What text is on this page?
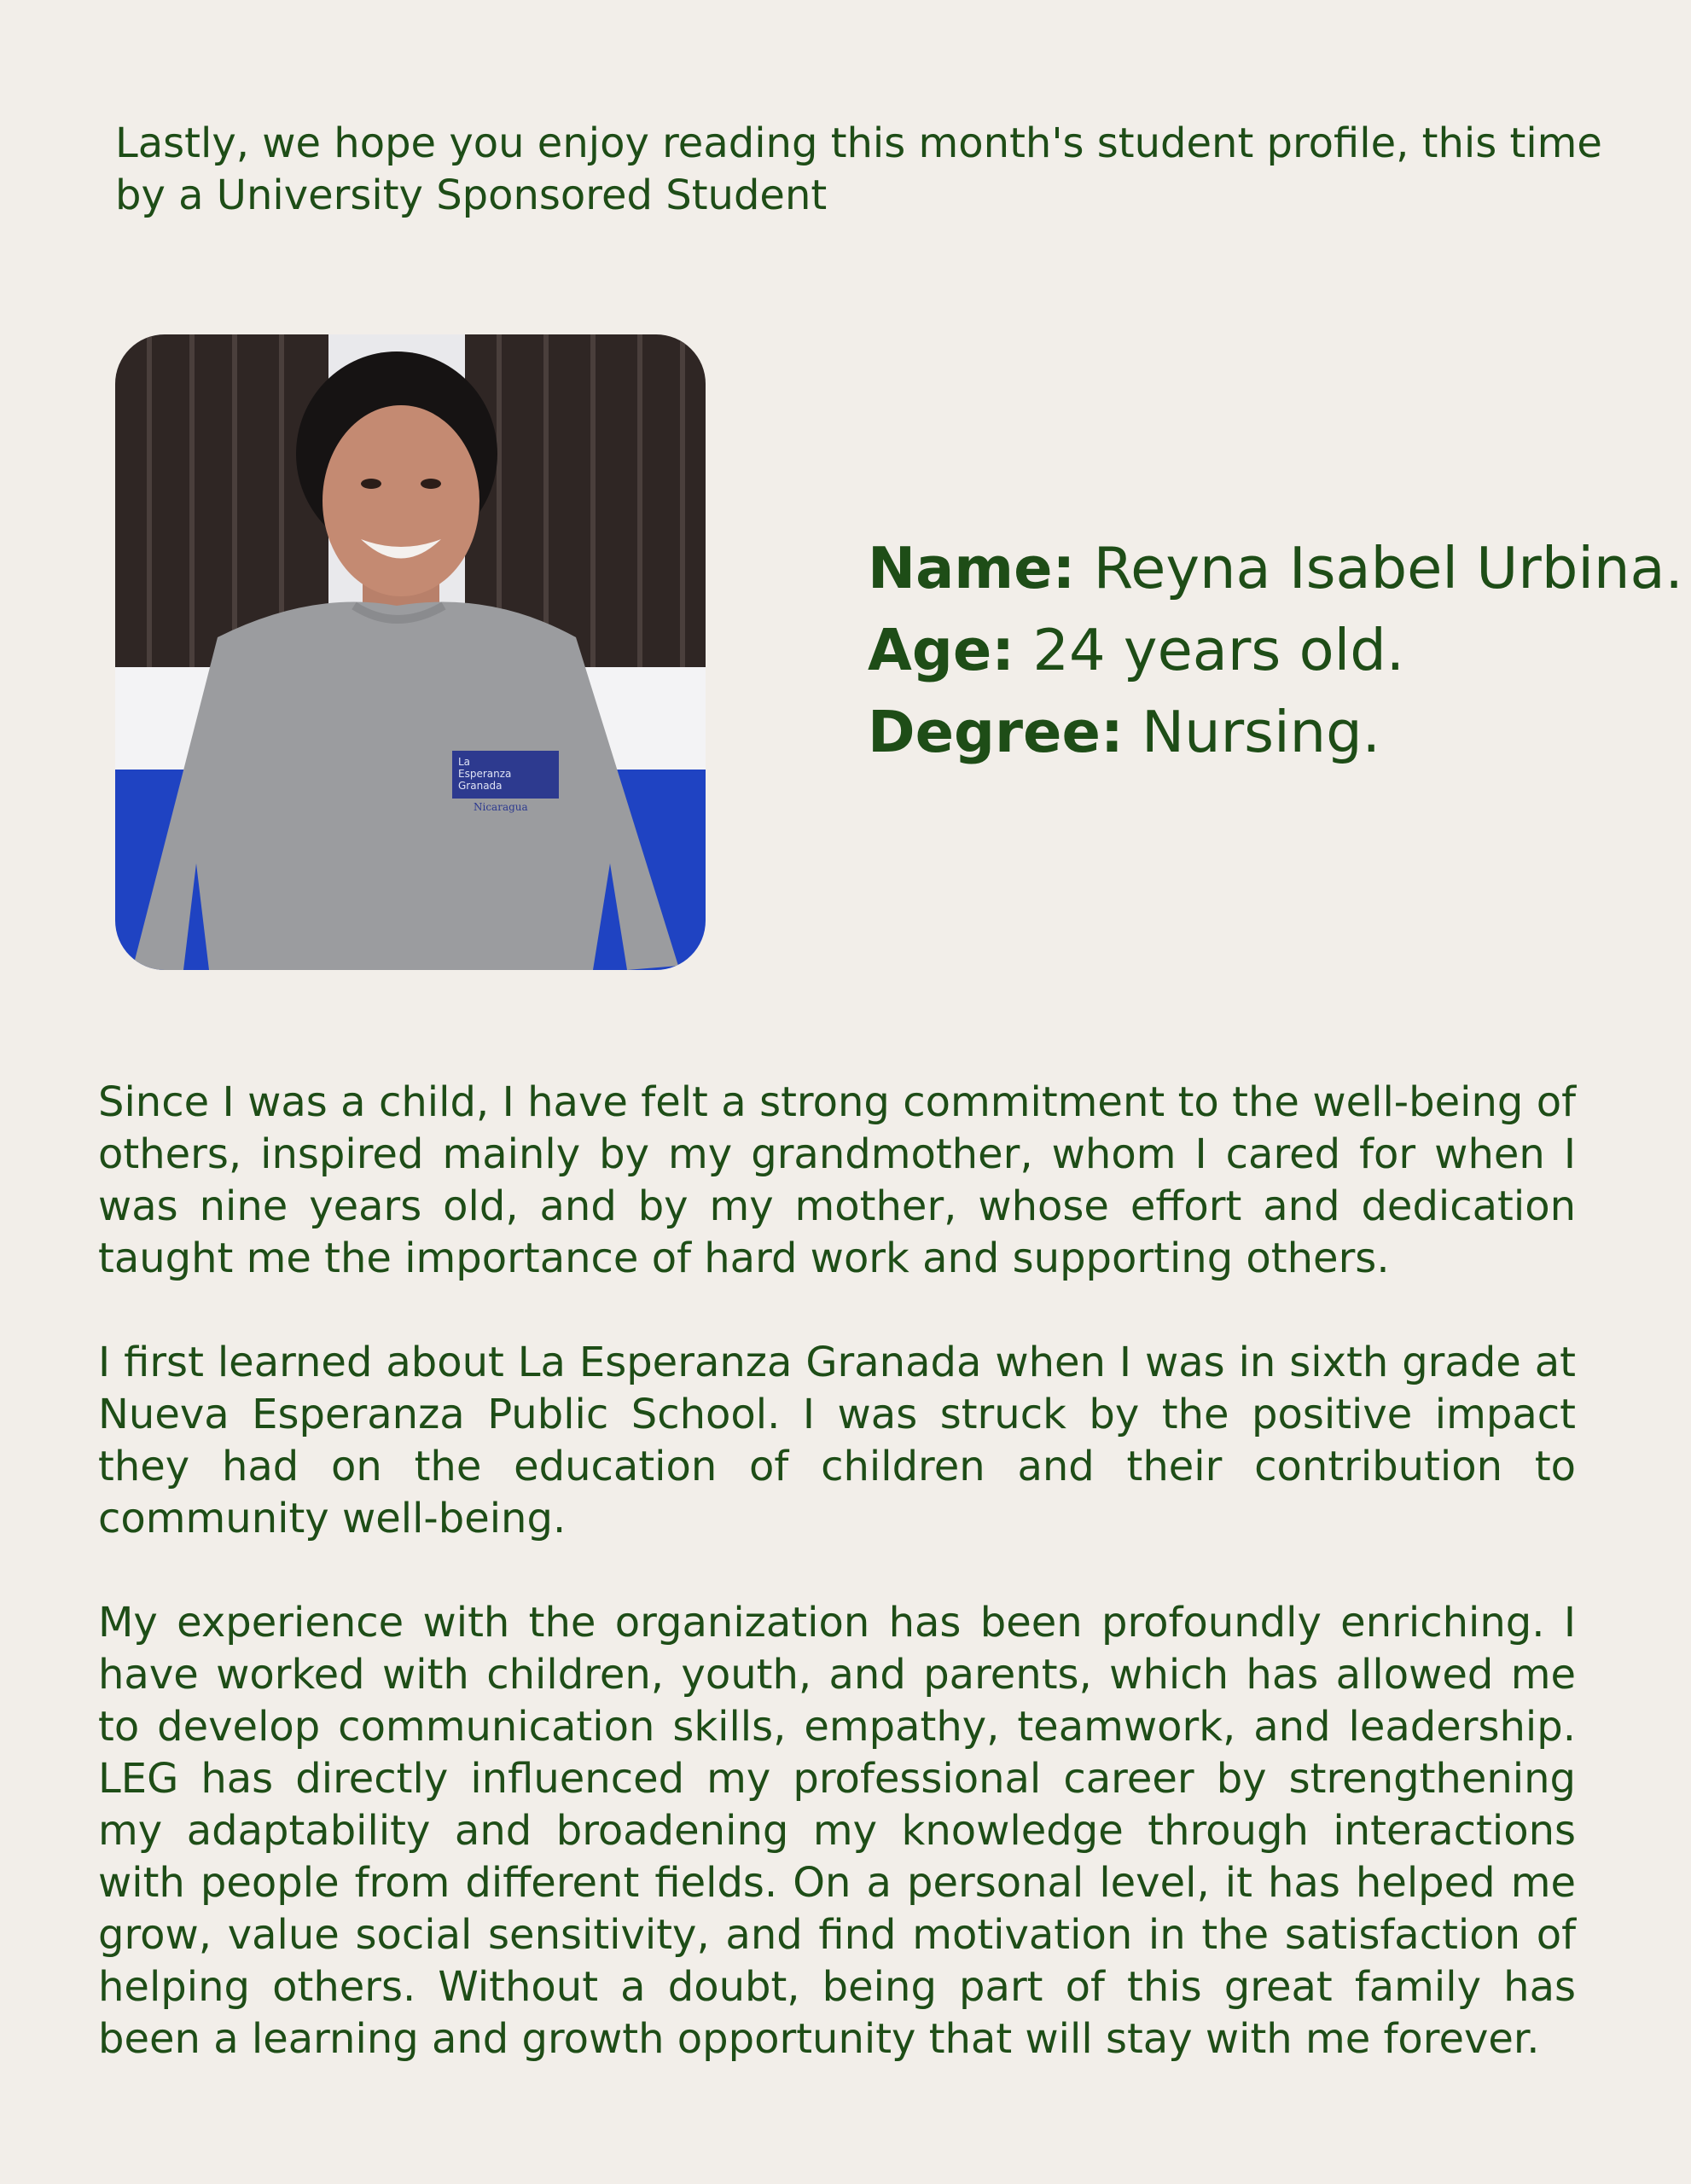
Lastly, we hope you enjoy reading this month's student profile, this time by a University Sponsored Student

La
Esperanza
Granada
Nicaragua
Name: Reyna Isabel Urbina.
Age: 24 years old.
Degree: Nursing.

Since I was a child, I have felt a strong commitment to the well-being of others, inspired mainly by my grandmother, whom I cared for when I was nine years old, and by my mother, whose effort and dedication taught me the importance of hard work and supporting others.

I first learned about La Esperanza Granada when I was in sixth grade at Nueva Esperanza Public School. I was struck by the positive impact they had on the education of children and their contribution to community well-being.

My experience with the organization has been profoundly enriching. I have worked with children, youth, and parents, which has allowed me to develop communication skills, empathy, teamwork, and leadership. LEG has directly influenced my professional career by strengthening my adaptability and broadening my knowledge through interactions with people from different fields. On a personal level, it has helped me grow, value social sensitivity, and find motivation in the satisfaction of helping others. Without a doubt, being part of this great family has been a learning and growth opportunity that will stay with me forever.
